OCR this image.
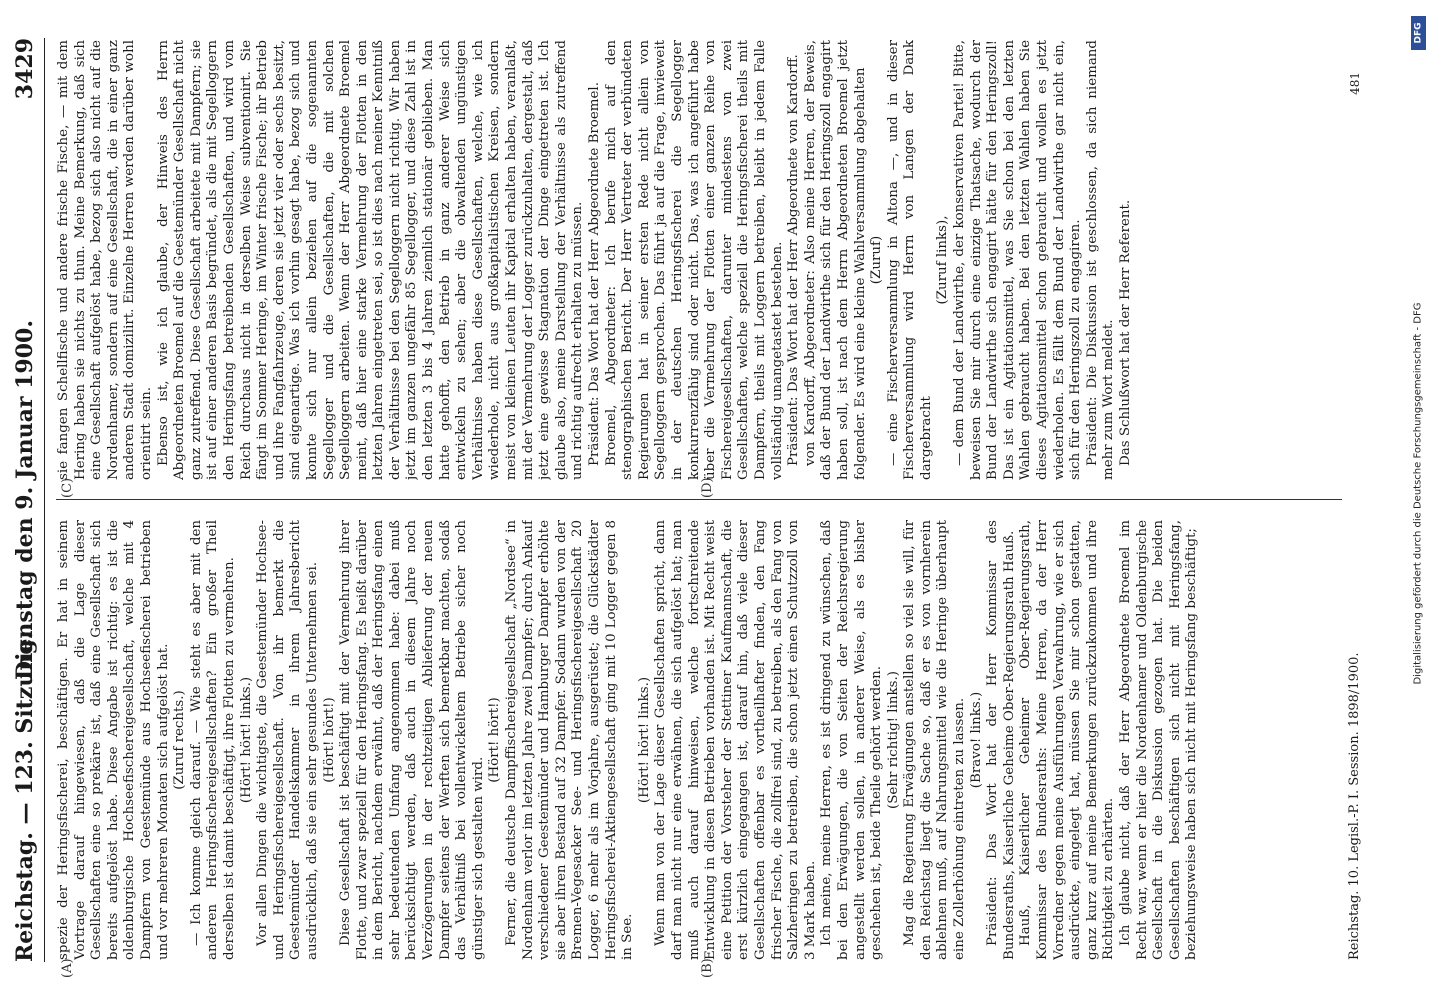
Reichstag. — 123. Sitzung.
Dienstag den 9. Januar 1900.
3429
(A)	(B)
(C)	(D)

spezie der Heringsfischerei, beschäftigen. Er hat in seinem Vortrage darauf hingewiesen, daß die Lage dieser Gesellschaften eine so prekäre ist, daß eine Gesellschaft sich bereits aufgelöst habe. Diese Angabe ist richtig: es ist die oldenburgische Hochseefischereigesellschaft, welche mit 4 Dampfern von Geestemünde aus Hochseefischerei betrieben und vor mehreren Monaten sich aufgelöst hat. (Zuruf rechts.) — Ich komme gleich darauf. — Wie steht es aber mit den anderen Heringsfischereigesellschaften? Ein großer Theil derselben ist damit beschäftigt, ihre Flotten zu vermehren. (Hört! hört! links.) Vor allen Dingen die wichtigste, die Geestemünder Hochsee- und Heringsfischereigesellschaft. Von ihr bemerkt die Geestemünder Handelskammer in ihrem Jahresbericht ausdrücklich, daß sie ein sehr gesundes Unternehmen sei. (Hört! hört!) Diese Gesellschaft ist beschäftigt mit der Vermehrung ihrer Flotte, und zwar speziell für den Heringsfang. Es heißt darüber in dem Bericht, nachdem erwähnt, daß der Heringsfang einen sehr bedeutenden Umfang angenommen habe: dabei muß berücksichtigt werden, daß auch in diesem Jahre noch Verzögerungen in der rechtzeitigen Ablieferung der neuen Dampfer seitens der Werften sich bemerkbar machten, sodaß das Verhältniß bei vollentwickeltem Betriebe sicher noch günstiger sich gestalten wird.

(Hört! hört!) Ferner, die deutsche Dampffischereigesellschaft „Nordsee“ in Nordenham verlor im letzten Jahre zwei Dampfer; durch Ankauf verschiedener Geestemünder und Hamburger Dampfer erhöhte sie aber ihren Bestand auf 32 Dampfer. Sodann wurden von der Bremen-Vegesacker See- und Heringsfischereigesellschaft 20 Logger, 6 mehr als im Vorjahre, ausgerüstet; die Glückstädter Heringsfischerei-Aktiengesellschaft ging mit 10 Logger gegen 8 in See.

(Hört! hört! links.) Wenn man von der Lage dieser Gesellschaften spricht, dann darf man nicht nur eine erwähnen, die sich aufgelöst hat; man muß auch darauf hinweisen, welche fortschreitende Entwicklung in diesen Betrieben vorhanden ist. Mit Recht weist eine Petition der Vorsteher der Stettiner Kaufmannschaft, die erst kürzlich eingegangen ist, darauf hin, daß viele dieser Gesellschaften offenbar es vortheilhafter finden, den Fang frischer Fische, die zollfrei sind, zu betreiben, als den Fang von Salzheringen zu betreiben, die schon jetzt einen Schutzzoll von 3 Mark haben. Ich meine, meine Herren, es ist dringend zu wünschen, daß bei den Erwägungen, die von Seiten der Reichsregierung angestellt werden sollen, in anderer Weise, als es bisher geschehen ist, beide Theile gehört werden. (Sehr richtig! links.) Mag die Regierung Erwägungen anstellen so viel sie will, für den Reichstag liegt die Sache so, daß er es von vornherein ablehnen muß, auf Nahrungsmittel wie die Heringe überhaupt eine Zollerhöhung eintreten zu lassen. (Bravo! links.) Präsident: Das Wort hat der Herr Kommissar des Bundesraths, Kaiserliche Geheime Ober-Regierungsrath Hauß. Hauß, Kaiserlicher Geheimer Ober-Regierungsrath, Kommissar des Bundesraths: Meine Herren, da der Herr Vorredner gegen meine Ausführungen Verwahrung, wie er sich ausdrückte, eingelegt hat, müssen Sie mir schon gestatten, ganz kurz auf meine Bemerkungen zurückzukommen und ihre Richtigkeit zu erhärten. Ich glaube nicht, daß der Herr Abgeordnete Broemel im Recht war, wenn er hier die Nordenhamer und Oldenburgische Gesellschaft in die Diskussion gezogen hat. Die beiden Gesellschaften beschäftigen sich nicht mit Heringsfang, beziehungsweise haben sich nicht mit Heringsfang beschäftigt;

sie fangen Schellfische und andere frische Fische, — mit dem Hering haben sie nichts zu thun. Meine Bemerkung, daß sich eine Gesellschaft aufgelöst habe, bezog sich also nicht auf die Nordenhamer, sondern auf eine Gesellschaft, die in einer ganz anderen Stadt domizilirt. Einzelne Herren werden darüber wohl orientirt sein. Ebenso ist, wie ich glaube, der Hinweis des Herrn Abgeordneten Broemel auf die Geestemünder Gesellschaft nicht ganz zutreffend. Diese Gesellschaft arbeitete mit Dampfern; sie ist auf einer anderen Basis begründet, als die mit Segelloggern den Heringsfang betreibenden Gesellschaften, und wird vom Reich durchaus nicht in derselben Weise subventionirt. Sie fängt im Sommer Heringe, im Winter frische Fische; ihr Betrieb und ihre Fangfahrzeuge, deren sie jetzt vier oder sechs besitzt, sind eigenartige. Was ich vorhin gesagt habe, bezog sich und konnte sich nur allein beziehen auf die sogenannten Segellogger und die Gesellschaften, die mit solchen Segelloggern arbeiten. Wenn der Herr Abgeordnete Broemel meint, daß hier eine starke Vermehrung der Flotten in den letzten Jahren eingetreten sei, so ist dies nach meiner Kenntniß der Verhältnisse bei den Segelloggern nicht richtig. Wir haben jetzt im ganzen ungefähr 85 Segellogger, und diese Zahl ist in den letzten 3 bis 4 Jahren ziemlich stationär geblieben. Man hatte gehofft, den Betrieb in ganz anderer Weise sich entwickeln zu sehen; aber die obwaltenden ungünstigen Verhältnisse haben diese Gesellschaften, welche, wie ich wiederhole, nicht aus großkapitalistischen Kreisen, sondern meist von kleinen Leuten ihr Kapital erhalten haben, veranlaßt, mit der Vermehrung der Logger zurückzuhalten, dergestalt, daß jetzt eine gewisse Stagnation der Dinge eingetreten ist. Ich glaube also, meine Darstellung der Verhältnisse als zutreffend und richtig aufrecht erhalten zu müssen. Präsident: Das Wort hat der Herr Abgeordnete Broemel. Broemel, Abgeordneter: Ich berufe mich auf den stenographischen Bericht. Der Herr Vertreter der verbündeten Regierungen hat in seiner ersten Rede nicht allein von Segelloggern gesprochen. Das führt ja auf die Frage, inwieweit in der deutschen Heringsfischerei die Segellogger konkurrenzfähig sind oder nicht. Das, was ich angeführt habe über die Vermehrung der Flotten einer ganzen Reihe von Fischereigesellschaften, darunter mindestens von zwei Gesellschaften, welche speziell die Heringsfischerei theils mit Dampfern, theils mit Loggern betreiben, bleibt in jedem Falle vollständig unangetastet bestehen. Präsident: Das Wort hat der Herr Abgeordnete von Kardorff. von Kardorff, Abgeordneter: Also meine Herren, der Beweis, daß der Bund der Landwirthe sich für den Heringszoll engagirt haben soll, ist nach dem Herrn Abgeordneten Broemel jetzt folgender. Es wird eine kleine Wahlversammlung abgehalten (Zuruf) — eine Fischerversammlung in Altona —, und in dieser Fischerversammlung wird Herrn von Langen der Dank dargebracht

(Zuruf links), — dem Bund der Landwirthe, der konservativen Partei! Bitte, beweisen Sie mir durch eine einzige Thatsache, wodurch der Bund der Landwirthe sich engagirt hätte für den Heringszoll! Das ist ein Agitationsmittel, was Sie schon bei den letzten Wahlen gebraucht haben. Bei den letzten Wahlen haben Sie dieses Agitationsmittel schon gebraucht und wollen es jetzt wiederholen. Es fällt dem Bund der Landwirthe gar nicht ein, sich für den Heringszoll zu engagiren. Präsident: Die Diskussion ist geschlossen, da sich niemand mehr zum Wort meldet. Das Schlußwort hat der Herr Referent.

Reichstag. 10. Legisl.-P. I. Session. 1898/1900.
481
DFG
Digitalisierung gefördert durch die Deutsche Forschungsgemeinschaft - DFG
